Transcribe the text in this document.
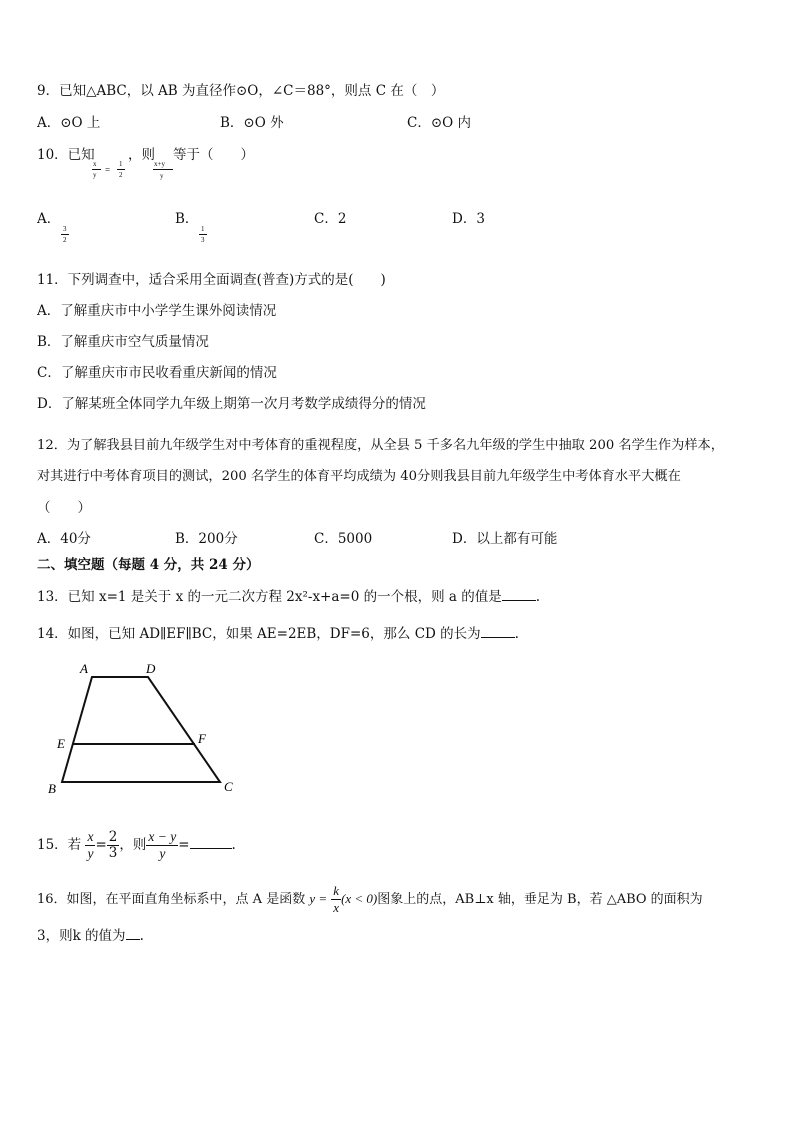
9．已知△ABC，以 AB 为直径作⊙O，∠C＝88°，则点 C 在（　）
A．⊙O 上	B．⊙O 外	C．⊙O 内
10．已知
x
y =
1
2
，则
x+y
y
等于（　　）
A．
3
2
B．
1
3
C．2	D．3
11．下列调查中，适合采用全面调查(普查)方式的是(　　)
A．了解重庆市中小学学生课外阅读情况
B．了解重庆市空气质量情况
C．了解重庆市市民收看重庆新闻的情况
D．了解某班全体同学九年级上期第一次月考数学成绩得分的情况
12．为了解我县目前九年级学生对中考体育的重视程度，从全县 5 千多名九年级的学生中抽取 200 名学生作为样本，
对其进行中考体育项目的测试，200 名学生的体育平均成绩为 40分则我县目前九年级学生中考体育水平大概在
（　　）
A．40分	B．200分	C．5000	D．以上都有可能
二、填空题（每题 4 分，共 24 分）
13．已知 x=1 是关于 x 的一元二次方程 2x²-x+a=0 的一个根，则 a 的值是	.
14．如图，已知 AD∥EF∥BC，如果 AE=2EB，DF=6，那么 CD 的长为	.
A	D
E	F
B	C
15．若 $\frac{x}{y} = \frac{2}{3}$ ，则 $\frac{x - y}{y}$ =	.
16．如图，在平面直角坐标系中，点 A 是函数 $y = \frac{k}{x} (x < 0)$图象上的点，AB⊥x 轴，垂足为 B，若 △ABO 的面积为
3，则k 的值为 .
